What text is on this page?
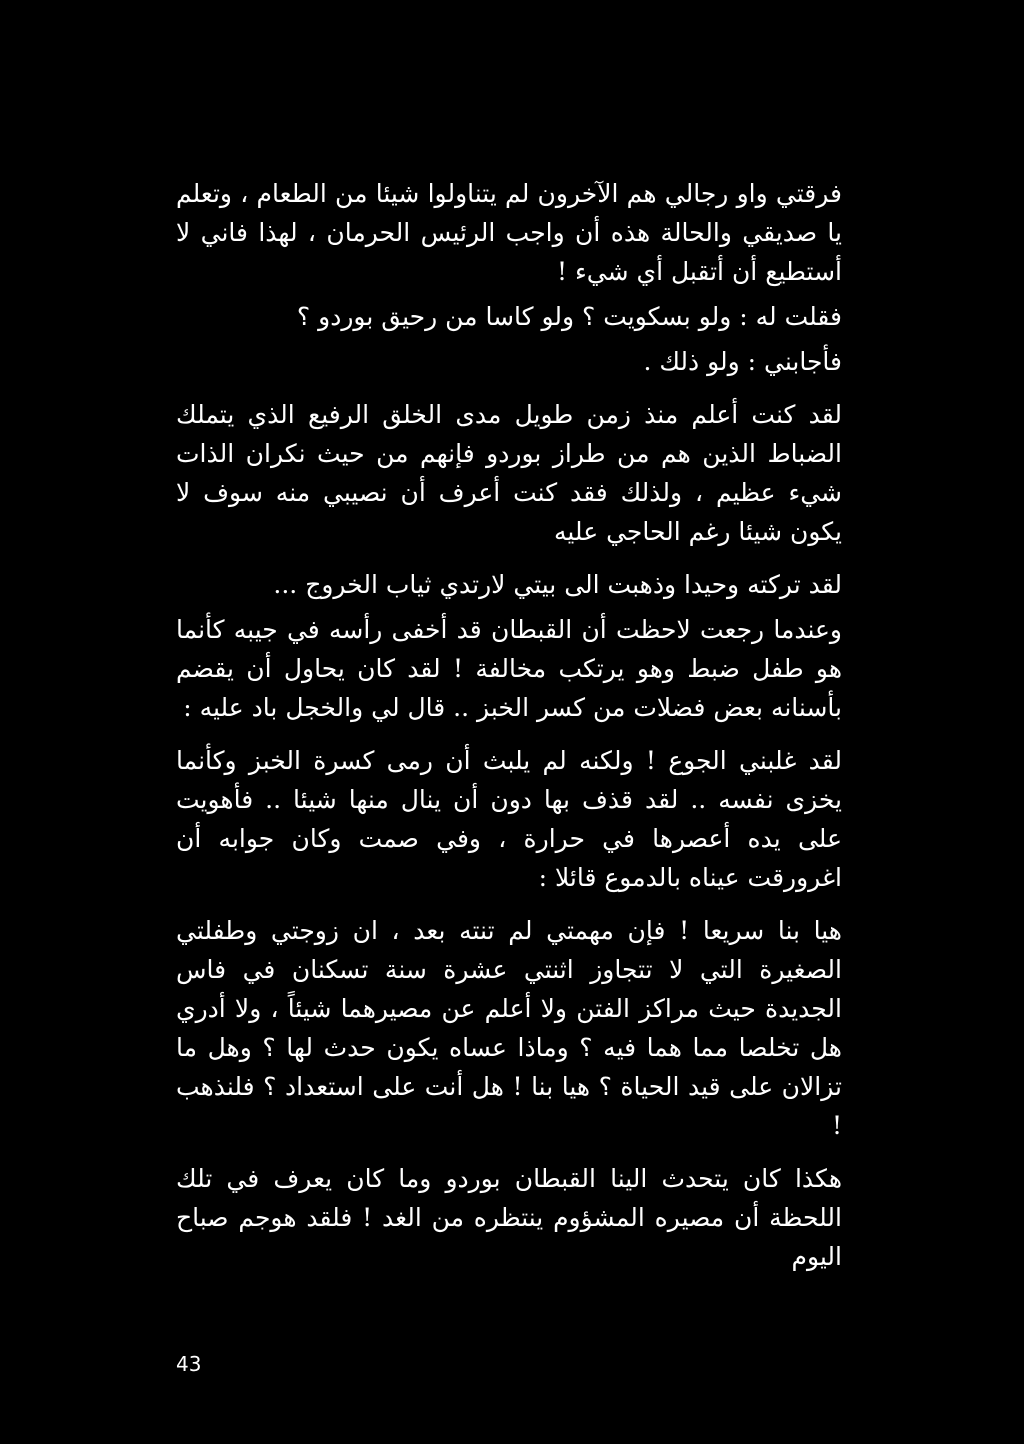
فرقتي واو رجالي هم الآخرون لم يتناولوا شيئا من الطعام ، وتعلم يا صديقي والحالة هذه أن واجب الرئيس الحرمان ، لهذا فاني لا أستطيع أن أتقبل أي شيء !

فقلت له : ولو بسكويت ؟ ولو كاسا من رحيق بوردو ؟

فأجابني : ولو ذلك .

لقد كنت أعلم منذ زمن طويل مدى الخلق الرفيع الذي يتملك الضباط الذين هم من طراز بوردو فإنهم من حيث نكران الذات شيء عظيم ، ولذلك فقد كنت أعرف أن نصيبي منه سوف لا يكون شيئا رغم الحاجي عليه

لقد تركته وحيدا وذهبت الى بيتي لارتدي ثياب الخروج ...

وعندما رجعت لاحظت أن القبطان قد أخفى رأسه في جيبه كأنما هو طفل ضبط وهو يرتكب مخالفة ! لقد كان يحاول أن يقضم بأسنانه بعض فضلات من كسر الخبز .. قال لي والخجل باد عليه :

لقد غلبني الجوع ! ولكنه لم يلبث أن رمى كسرة الخبز وكأنما يخزى نفسه .. لقد قذف بها دون أن ينال منها شيئا .. فأهويت على يده أعصرها في حرارة ، وفي صمت وكان جوابه أن اغرورقت عيناه بالدموع قائلا :

هيا بنا سريعا ! فإن مهمتي لم تنته بعد ، ان زوجتي وطفلتي الصغيرة التي لا تتجاوز اثنتي عشرة سنة تسكنان في فاس الجديدة حيث مراكز الفتن ولا أعلم عن مصيرهما شيئاً ، ولا أدري هل تخلصا مما هما فيه ؟ وماذا عساه يكون حدث لها ؟ وهل ما تزالان على قيد الحياة ؟ هيا بنا ! هل أنت على استعداد ؟ فلنذهب !

هكذا كان يتحدث الينا القبطان بوردو وما كان يعرف في تلك اللحظة أن مصيره المشؤوم ينتظره من الغد ! فلقد هوجم صباح اليوم

43
